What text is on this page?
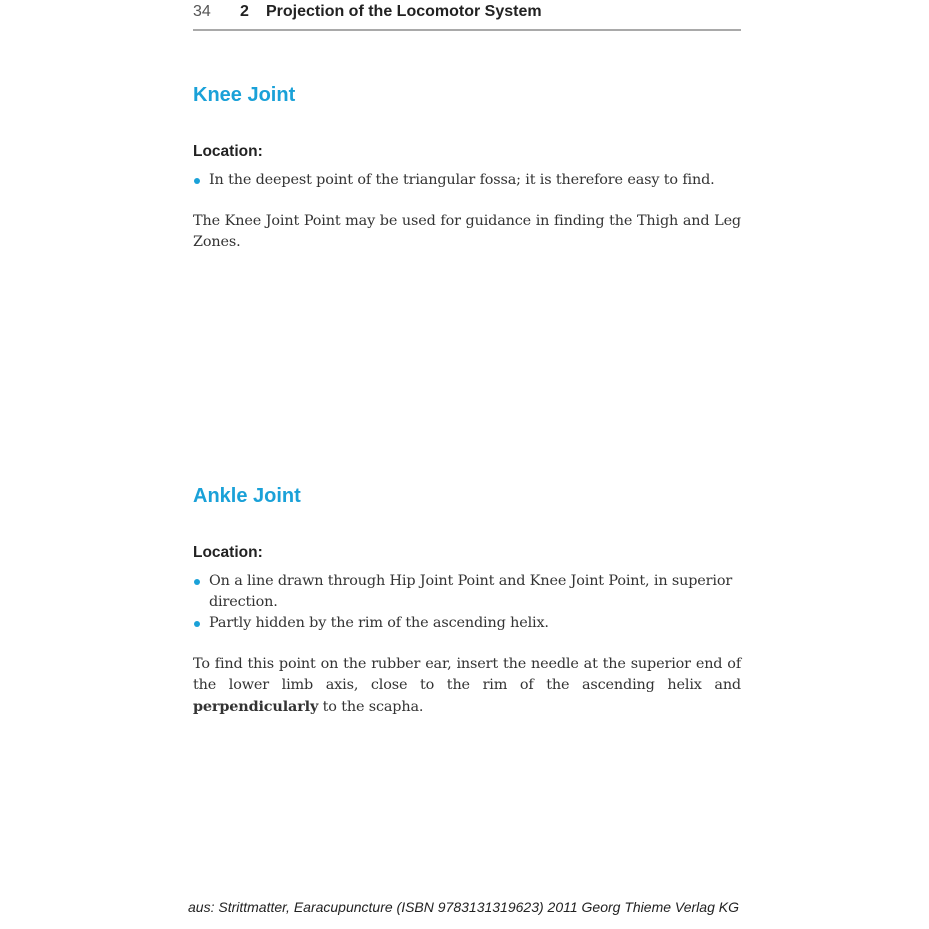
34 2 Projection of the Locomotor System
Knee Joint
Location:
In the deepest point of the triangular fossa; it is therefore easy to find.

The Knee Joint Point may be used for guidance in finding the Thigh and Leg Zones.

Ankle Joint
Location:
On a line drawn through Hip Joint Point and Knee Joint Point, in superior direction.
Partly hidden by the rim of the ascending helix.

To find this point on the rubber ear, insert the needle at the superior end of the lower limb axis, close to the rim of the ascending helix and perpendicularly to the scapha.

aus: Strittmatter, Earacupuncture (ISBN 9783131319623) 2011 Georg Thieme Verlag KG
